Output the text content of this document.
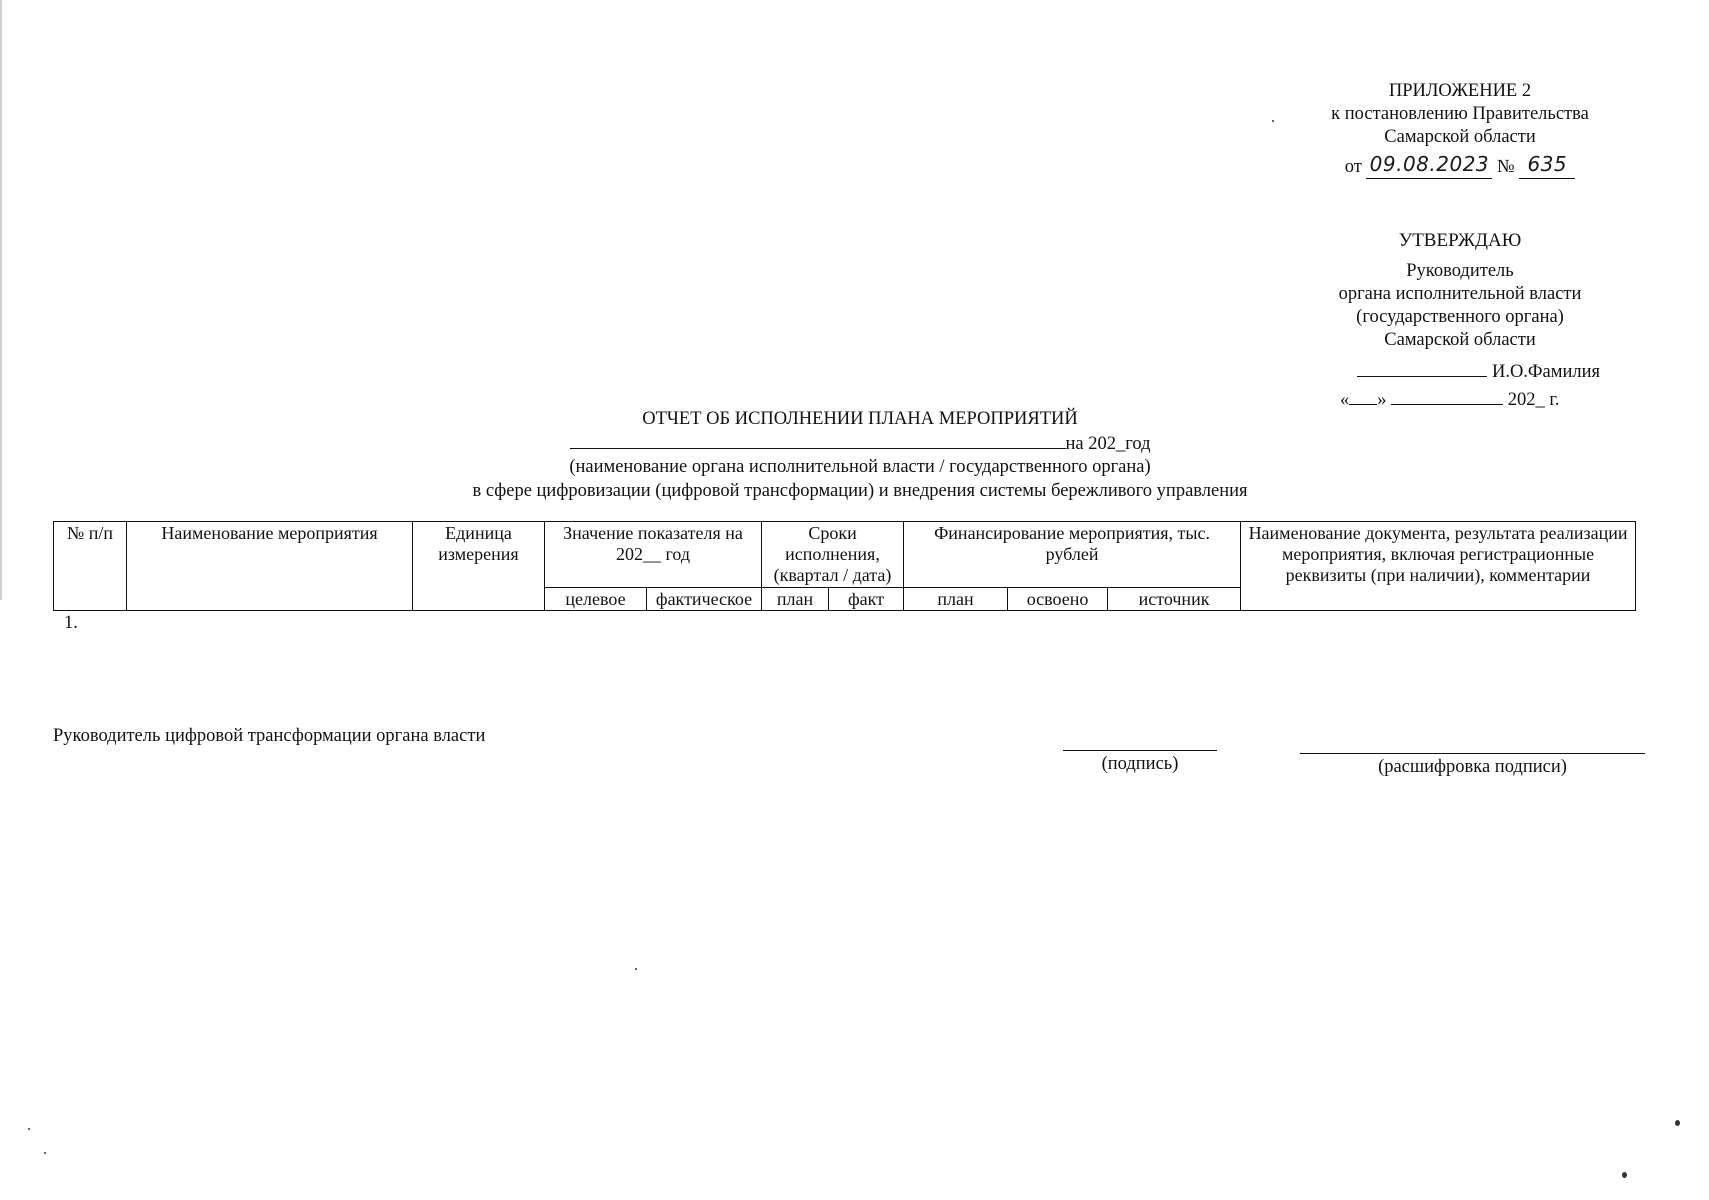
ПРИЛОЖЕНИЕ 2
к постановлению Правительства
Самарской области
от 09.08.2023 № 635
УТВЕРЖДАЮ
Руководитель
органа исполнительной власти
(государственного органа)
Самарской области
И.О.Фамилия
« »	202_ г.
ОТЧЕТ ОБ ИСПОЛНЕНИИ ПЛАНА МЕРОПРИЯТИЙ
на 202_год
(наименование органа исполнительной власти / государственного органа)
в сфере цифровизации (цифровой трансформации) и внедрения системы бережливого управления
№ п/п	Наименование мероприятия	Единица измерения	Значение показателя на 202__ год		Сроки исполнения, (квартал / дата)		Финансирование мероприятия, тыс. рублей			Наименование документа, результата реализации мероприятия, включая регистрационные реквизиты (при наличии), комментарии
			целевое	фактическое	план	факт	план	освоено	источник	
1.
Руководитель цифровой трансформации органа власти
(подпись)	(расшифровка подписи)
